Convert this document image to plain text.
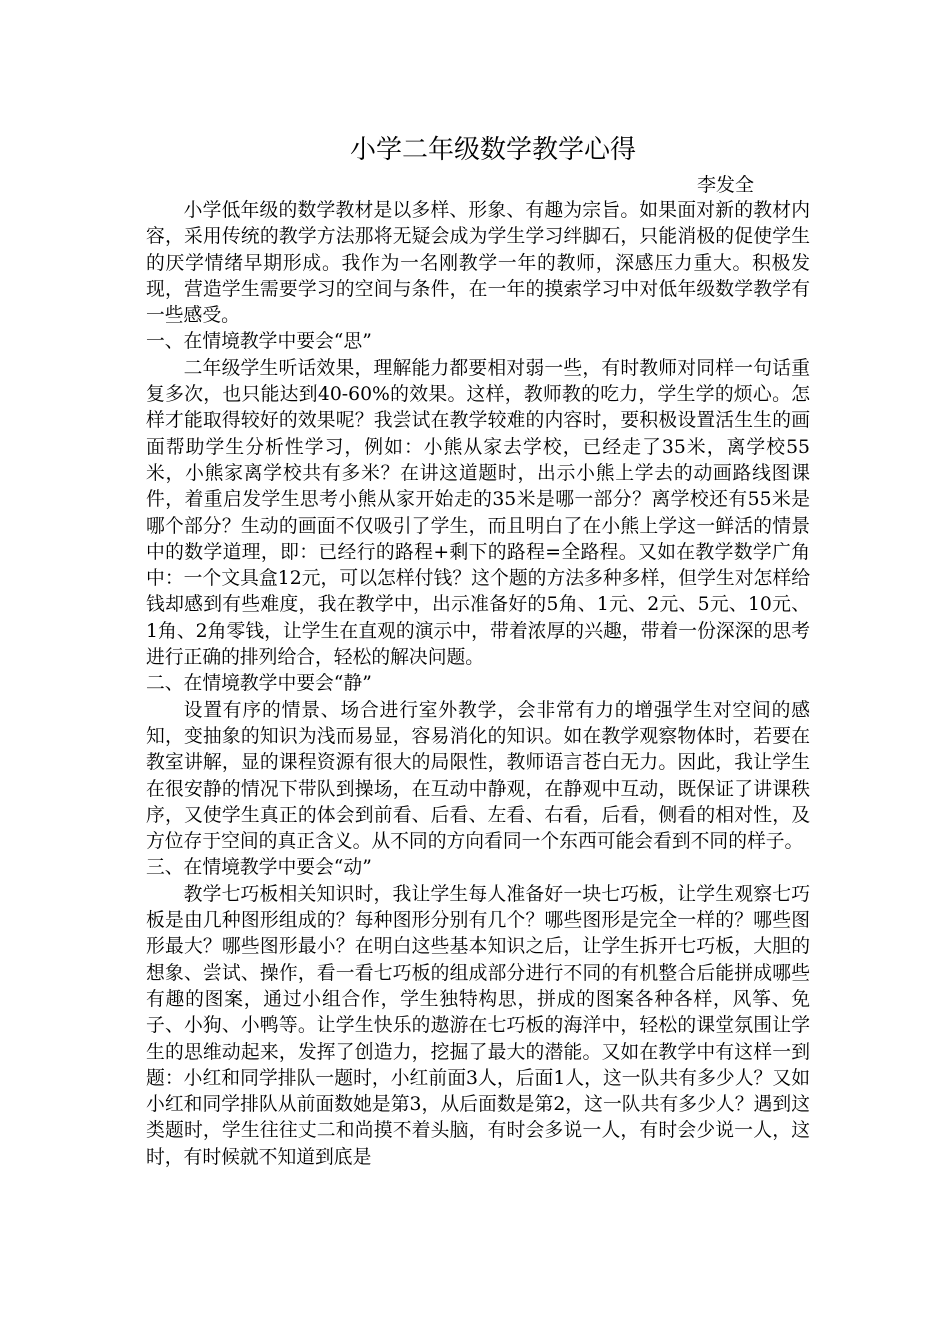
小学二年级数学教学心得

李发全

小学低年级的数学教材是以多样、形象、有趣为宗旨。如果面对新的教材内容，采用传统的教学方法那将无疑会成为学生学习绊脚石，只能消极的促使学生的厌学情绪早期形成。我作为一名刚教学一年的教师，深感压力重大。积极发现，营造学生需要学习的空间与条件，在一年的摸索学习中对低年级数学教学有一些感受。

一、在情境教学中要会“思”

二年级学生听话效果，理解能力都要相对弱一些，有时教师对同样一句话重复多次，也只能达到40-60%的效果。这样，教师教的吃力，学生学的烦心。怎样才能取得较好的效果呢？我尝试在教学较难的内容时，要积极设置活生生的画面帮助学生分析性学习，例如：小熊从家去学校，已经走了35米，离学校55米，小熊家离学校共有多米？在讲这道题时，出示小熊上学去的动画路线图课件，着重启发学生思考小熊从家开始走的35米是哪一部分？离学校还有55米是哪个部分？生动的画面不仅吸引了学生，而且明白了在小熊上学这一鲜活的情景中的数学道理，即：已经行的路程+剩下的路程=全路程。又如在教学数学广角中：一个文具盒12元，可以怎样付钱？这个题的方法多种多样，但学生对怎样给钱却感到有些难度，我在教学中，出示准备好的5角、1元、2元、5元、10元、1角、2角零钱，让学生在直观的演示中，带着浓厚的兴趣，带着一份深深的思考进行正确的排列给合，轻松的解决问题。

二、在情境教学中要会“静”

设置有序的情景、场合进行室外教学，会非常有力的增强学生对空间的感知，变抽象的知识为浅而易显，容易消化的知识。如在教学观察物体时，若要在教室讲解，显的课程资源有很大的局限性，教师语言苍白无力。因此，我让学生在很安静的情况下带队到操场，在互动中静观，在静观中互动，既保证了讲课秩序，又使学生真正的体会到前看、后看、左看、右看，后看，侧看的相对性，及方位存于空间的真正含义。从不同的方向看同一个东西可能会看到不同的样子。

三、在情境教学中要会“动”

教学七巧板相关知识时，我让学生每人准备好一块七巧板，让学生观察七巧板是由几种图形组成的？每种图形分别有几个？哪些图形是完全一样的？哪些图形最大？哪些图形最小？在明白这些基本知识之后，让学生拆开七巧板，大胆的想象、尝试、操作，看一看七巧板的组成部分进行不同的有机整合后能拼成哪些有趣的图案，通过小组合作，学生独特构思，拼成的图案各种各样，风筝、免子、小狗、小鸭等。让学生快乐的遨游在七巧板的海洋中，轻松的课堂氛围让学生的思维动起来，发挥了创造力，挖掘了最大的潜能。又如在教学中有这样一到题：小红和同学排队一题时，小红前面3人，后面1人，这一队共有多少人？又如小红和同学排队从前面数她是第3，从后面数是第2，这一队共有多少人？遇到这类题时，学生往往丈二和尚摸不着头脑，有时会多说一人，有时会少说一人，这时，有时候就不知道到底是
